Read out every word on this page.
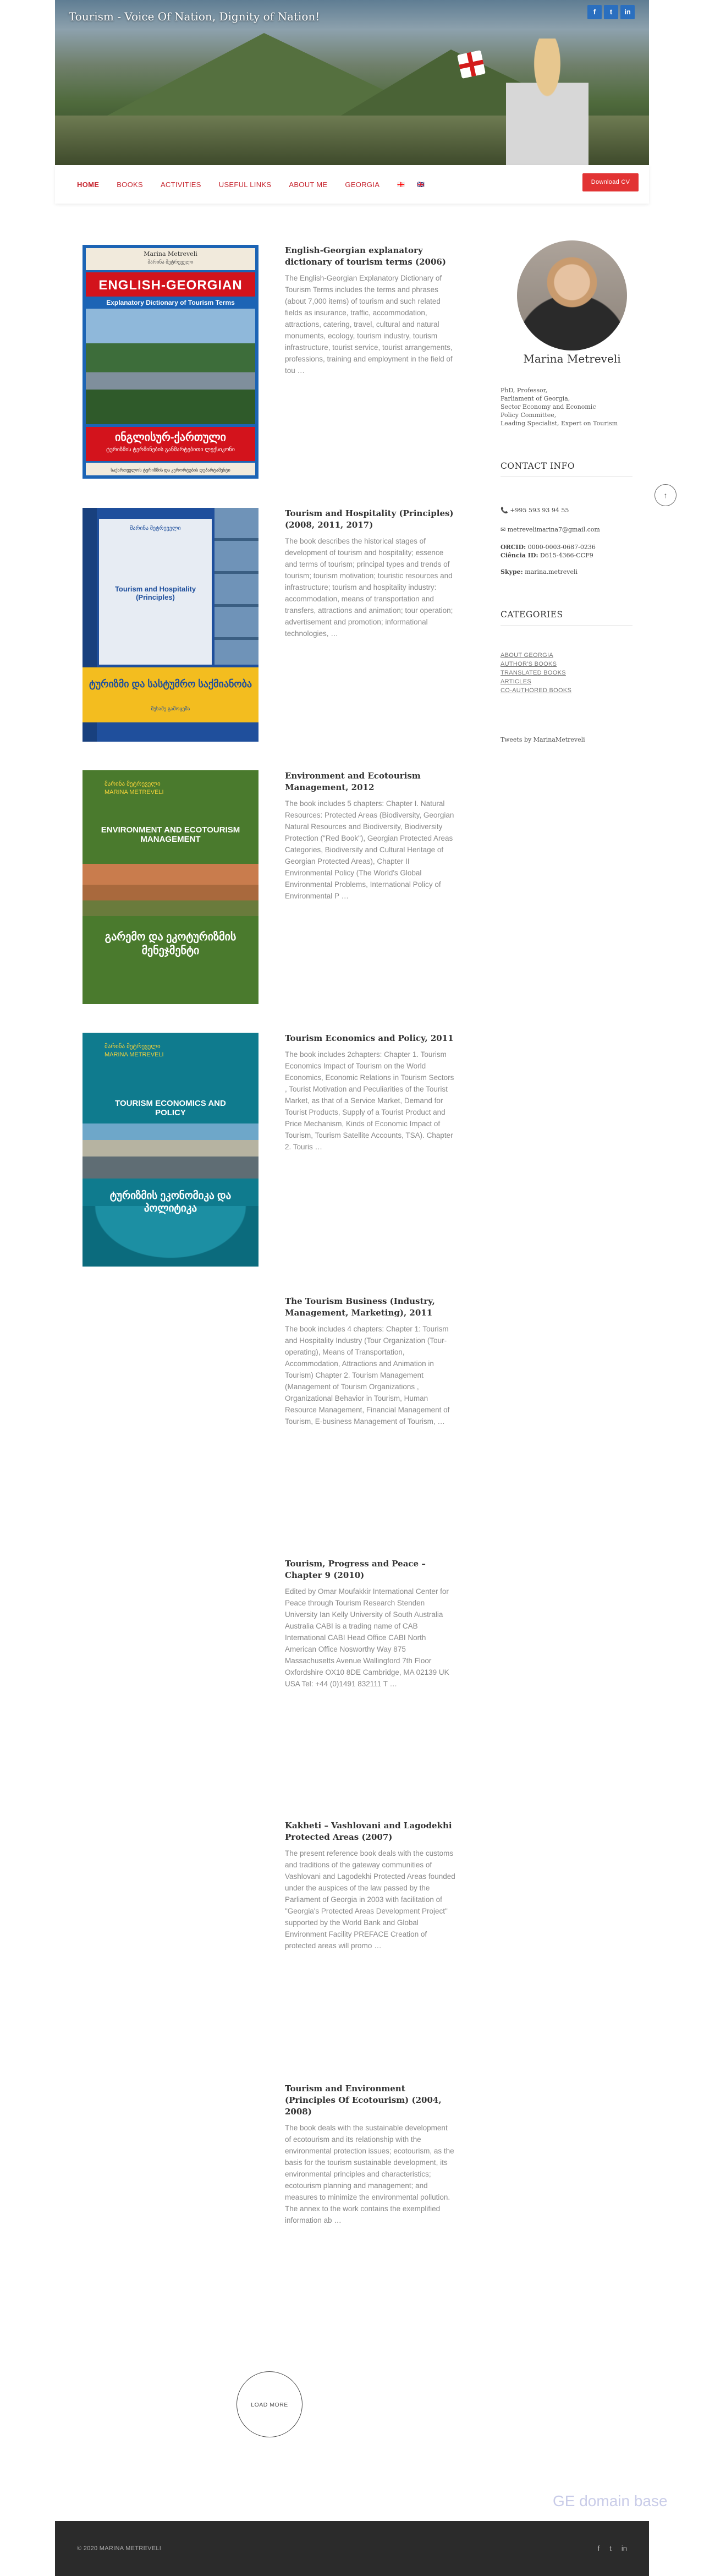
Tourism - Voice Of Nation, Dignity of Nation!	f	t	in
HOME BOOKS ACTIVITIES USEFUL LINKS ABOUT ME GEORGIA	🇬🇪 🇬🇧	Download CV
Marina Metreveli
მარინა მეტრეველი
ENGLISH-GEORGIAN
Explanatory Dictionary of Tourism Terms
ინგლისურ-ქართული
ტურიზმის ტერმინების განმარტებითი ლექსიკონი
საქართველოს ტურიზმის და კურორტების დეპარტამენტი
English-Georgian explanatory dictionary of tourism terms (2006)

The English-Georgian Explanatory Dictionary of Tourism Terms includes the terms and phrases (about 7,000 items) of tourism and such related fields as insurance, traffic, accommodation, attractions, catering, travel, cultural and natural monuments, ecology, tourism industry, tourism infrastructure, tourist service, tourist arrangements, professions, training and employment in the field of tou …

მარინა მეტრეველი
Tourism and Hospitality (Principles)
ტურიზმი და სასტუმრო საქმიანობა
მესამე გამოცემა
Tourism and Hospitality (Principles) (2008, 2011, 2017)

The book describes the historical stages of development of tourism and hospitality; essence and terms of tourism; principal types and trends of tourism; tourism motivation; touristic resources and infrastructure; tourism and hospitality industry: accommodation, means of transportation and transfers, attractions and animation; tour operation; advertisement and promotion; informational technologies, …

მარინა მეტრეველი
MARINA METREVELI
ENVIRONMENT AND ECOTOURISM MANAGEMENT
გარემო და ეკოტურიზმის მენეჯმენტი
Environment and Ecotourism Management, 2012

The book includes 5 chapters: Chapter I. Natural Resources: Protected Areas (Biodiversity, Georgian Natural Resources and Biodiversity, Biodiversity Protection ("Red Book"), Georgian Protected Areas Categories, Biodiversity and Cultural Heritage of Georgian Protected Areas), Chapter II Environmental Policy (The World's Global Environmental Problems, International Policy of Environmental P …

მარინა მეტრეველი
MARINA METREVELI
TOURISM ECONOMICS AND POLICY
ტურიზმის ეკონომიკა და პოლიტიკა
Tourism Economics and Policy, 2011

The book includes 2chapters: Chapter 1. Tourism Economics Impact of Tourism on the World Economics, Economic Relations in Tourism Sectors , Tourist Motivation and Peculiarities of the Tourist Market, as that of a Service Market, Demand for Tourist Products, Supply of a Tourist Product and Price Mechanism, Kinds of Economic Impact of Tourism, Tourism Satellite Accounts, TSA). Chapter 2. Touris …

The Tourism Business (Industry, Management, Marketing), 2011

The book includes 4 chapters: Chapter 1: Tourism and Hospitality Industry (Tour Organization (Tour-operating), Means of Transportation, Accommodation, Attractions and Animation in Tourism) Chapter 2. Tourism Management (Management of Tourism Organizations , Organizational Behavior in Tourism, Human Resource Management, Financial Management of Tourism, E-business Management of Tourism, …

Tourism, Progress and Peace – Chapter 9 (2010)

Edited by Omar Moufakkir International Center for Peace through Tourism Research Stenden University Ian Kelly University of South Australia Australia CABI is a trading name of CAB International CABI Head Office CABI North American Office Nosworthy Way 875 Massachusetts Avenue Wallingford 7th Floor Oxfordshire OX10 8DE Cambridge, MA 02139 UK USA Tel: +44 (0)1491 832111 T …

Kakheti – Vashlovani and Lagodekhi Protected Areas (2007)

The present reference book deals with the customs and traditions of the gateway communities of Vashlovani and Lagodekhi Protected Areas founded under the auspices of the law passed by the Parliament of Georgia in 2003 with facilitation of "Georgia's Protected Areas Development Project" supported by the World Bank and Global Environment Facility PREFACE Creation of protected areas will promo …

Tourism and Environment (Principles Of Ecotourism) (2004, 2008)

The book deals with the sustainable development of ecotourism and its relationship with the environmental protection issues; ecotourism, as the basis for the tourism sustainable development, its environmental principles and characteristics; ecotourism planning and management; and measures to minimize the environmental pollution. The annex to the work contains the exemplified information ab …

Marina Metreveli
PhD, Professor,
Parliament of Georgia,
Sector Economy and Economic
Policy Committee,
Leading Specialist, Expert on Tourism
CONTACT INFO
📞 +995 593 93 94 55
✉ metrevelimarina7@gmail.com
ORCID: 0000-0003-0687-0236
Ciência ID: D615-4366-CCF9
Skype: marina.metreveli
CATEGORIES
ABOUT GEORGIA
AUTHOR'S BOOKS
TRANSLATED BOOKS
ARTICLES
CO-AUTHORED BOOKS
Tweets by MarinaMetreveli
↑
LOAD MORE
GE domain base
© 2020 MARINA METREVELI	f t in
